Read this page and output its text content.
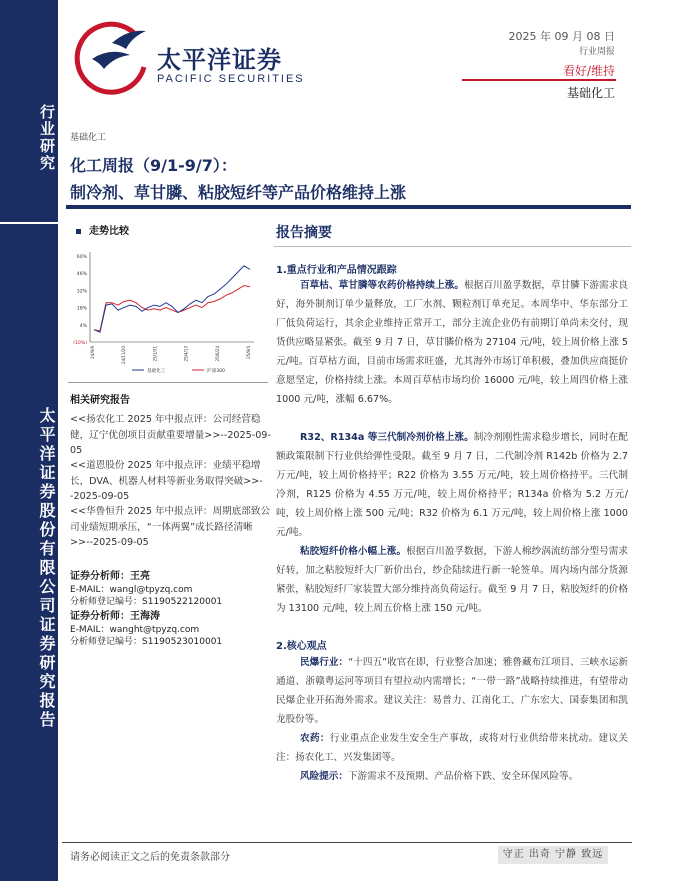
行业研究
太平洋证券股份有限公司证券研究报告
太平洋证券
PACIFIC SECURITIES
2025 年 09 月 08 日
行业周报
看好/维持
基础化工
基础化工
化工周报（9/1-9/7）：
制冷剂、草甘膦、粘胶短纤等产品价格维持上涨
走势比较
60%
46%
32%
18%
4%
(10%)
24/9/9	24/11/20	25/1/31	25/4/13	25/6/24	25/9/4
基础化工	沪深300
相关研究报告
<<扬农化工 2025 年中报点评：公司经营稳健，辽宁优创项目贡献重要增量>>--2025-09-05
<<道恩股份 2025 年中报点评：业绩平稳增长，DVA、机器人材料等新业务取得突破>>--2025-09-05
<<华鲁恒升 2025 年中报点评：周期底部致公司业绩短期承压，“一体两翼”成长路径清晰>>--2025-09-05
证券分析师：王亮
E-MAIL：wangl@tpyzq.com
分析师登记编号：S1190522120001
证券分析师：王海涛
E-MAIL：wanght@tpyzq.com
分析师登记编号：S1190523010001
报告摘要
1.重点行业和产品情况跟踪
百草枯、草甘膦等农药价格持续上涨。根据百川盈孚数据，草甘膦下游需求良好，海外制剂订单少量释放，工厂水剂、颗粒剂订单充足。本周华中、华东部分工厂低负荷运行，其余企业维持正常开工，部分主流企业仍有前期订单尚未交付，现货供应略显紧张。截至 9 月 7 日，草甘膦价格为 27104 元/吨，较上周价格上涨 5 元/吨。百草枯方面，目前市场需求旺盛，尤其海外市场订单积极，叠加供应商挺价意愿坚定，价格持续上涨。本周百草枯市场均价 16000 元/吨，较上周四价格上涨 1000 元/吨，涨幅 6.67%。
R32、R134a 等三代制冷剂价格上涨。制冷剂刚性需求稳步增长，同时在配额政策限制下行业供给弹性受限。截至 9 月 7 日，二代制冷剂 R142b 价格为 2.7 万元/吨，较上周价格持平；R22 价格为 3.55 万元/吨，较上周价格持平。三代制冷剂，R125 价格为 4.55 万元/吨，较上周价格持平；R134a 价格为 5.2 万元/吨，较上周价格上涨 500 元/吨；R32 价格为 6.1 万元/吨，较上周价格上涨 1000 元/吨。
粘胶短纤价格小幅上涨。根据百川盈孚数据，下游人棉纱涡流纺部分型号需求好转，加之粘胶短纤大厂新价出台，纱企陆续进行新一轮签单。周内场内部分货源紧张，粘胶短纤厂家装置大部分维持高负荷运行。截至 9 月 7 日，粘胶短纤的价格为 13100 元/吨，较上周五价格上涨 150 元/吨。
2.核心观点
民爆行业：“十四五”收官在即，行业整合加速；雅鲁藏布江项目、三峡水运新通道、浙赣粤运河等项目有望拉动内需增长；“一带一路”战略持续推进，有望带动民爆企业开拓海外需求。建议关注：易普力、江南化工、广东宏大、国泰集团和凯龙股份等。
农药：行业重点企业发生安全生产事故，或将对行业供给带来扰动。建议关注：扬农化工、兴发集团等。
风险提示：下游需求不及预期、产品价格下跌、安全环保风险等。
请务必阅读正文之后的免责条款部分	守正 出奇 宁静 致远
